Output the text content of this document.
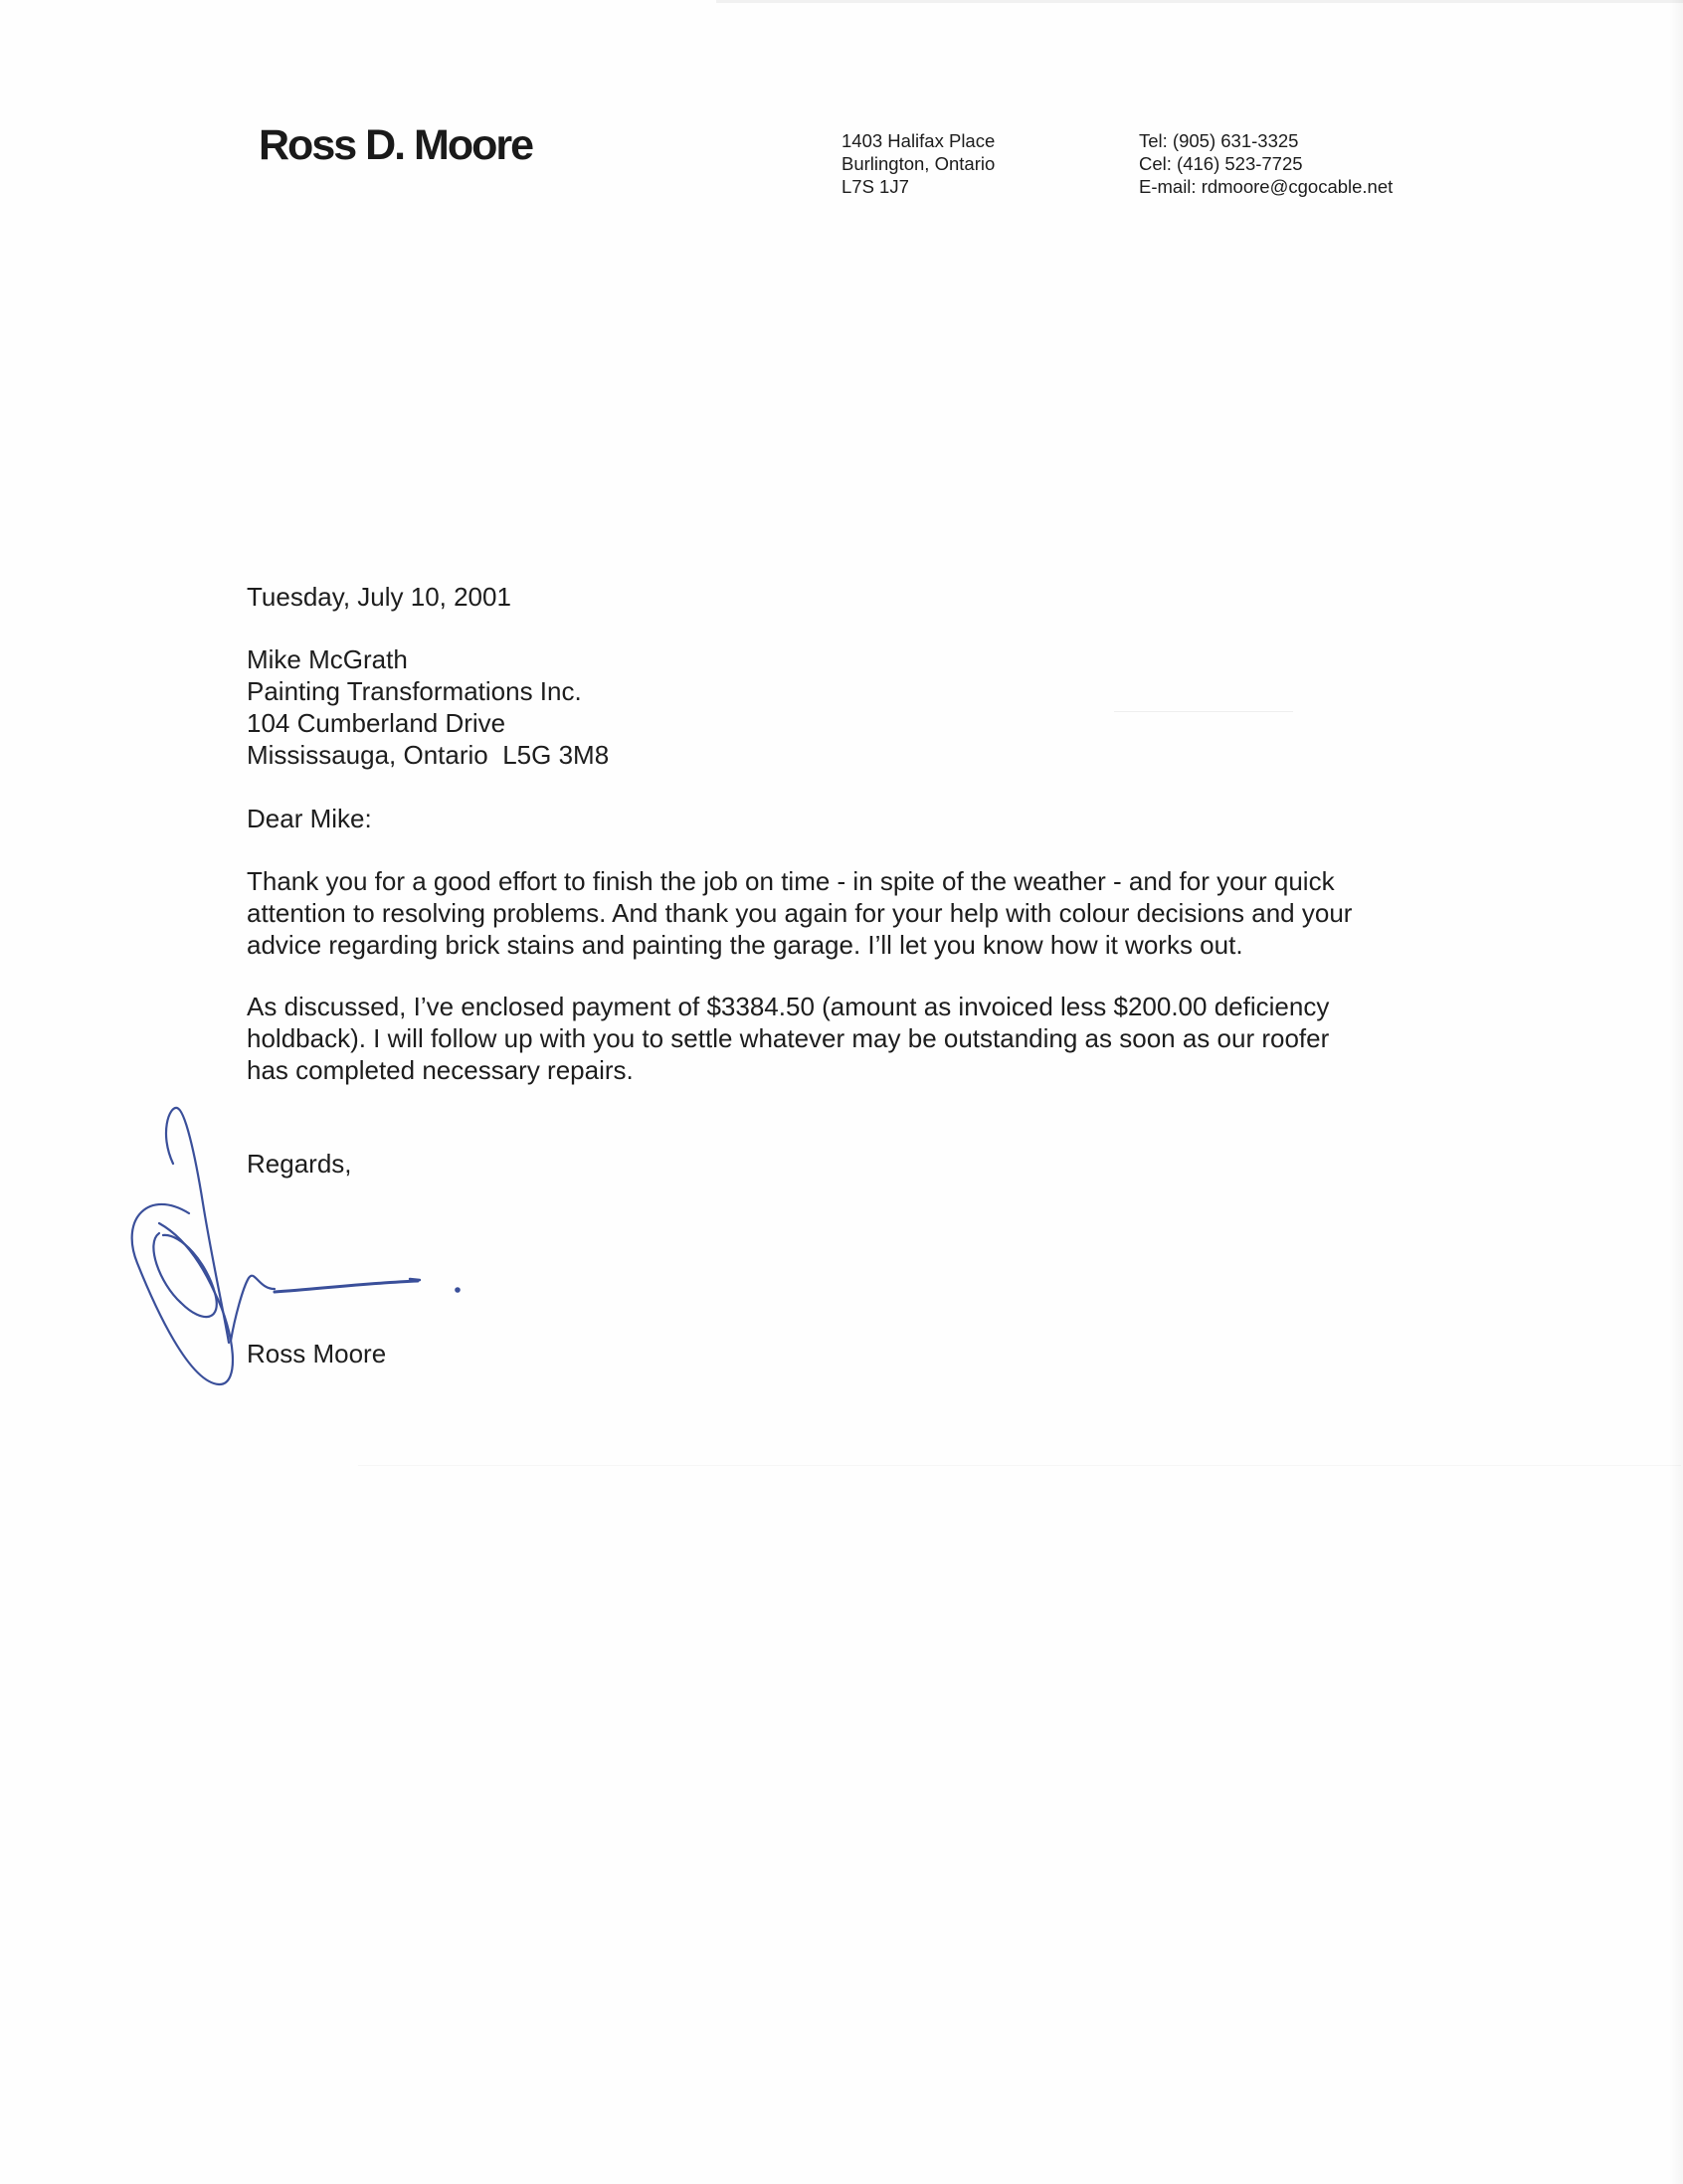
Ross D. Moore	1403 Halifax Place
Burlington, Ontario
L7S 1J7
Tel: (905) 631-3325
Cel: (416) 523-7725
E-mail: rdmoore@cgocable.net
Tuesday, July 10, 2001
Mike McGrath
Painting Transformations Inc.
104 Cumberland Drive
Mississauga, Ontario  L5G 3M8
Dear Mike:
Thank you for a good effort to finish the job on time - in spite of the weather - and for your quick
attention to resolving problems. And thank you again for your help with colour decisions and your
advice regarding brick stains and painting the garage. I’ll let you know how it works out.
As discussed, I’ve enclosed payment of $3384.50 (amount as invoiced less $200.00 deficiency
holdback). I will follow up with you to settle whatever may be outstanding as soon as our roofer
has completed necessary repairs.
Regards,
Ross Moore
